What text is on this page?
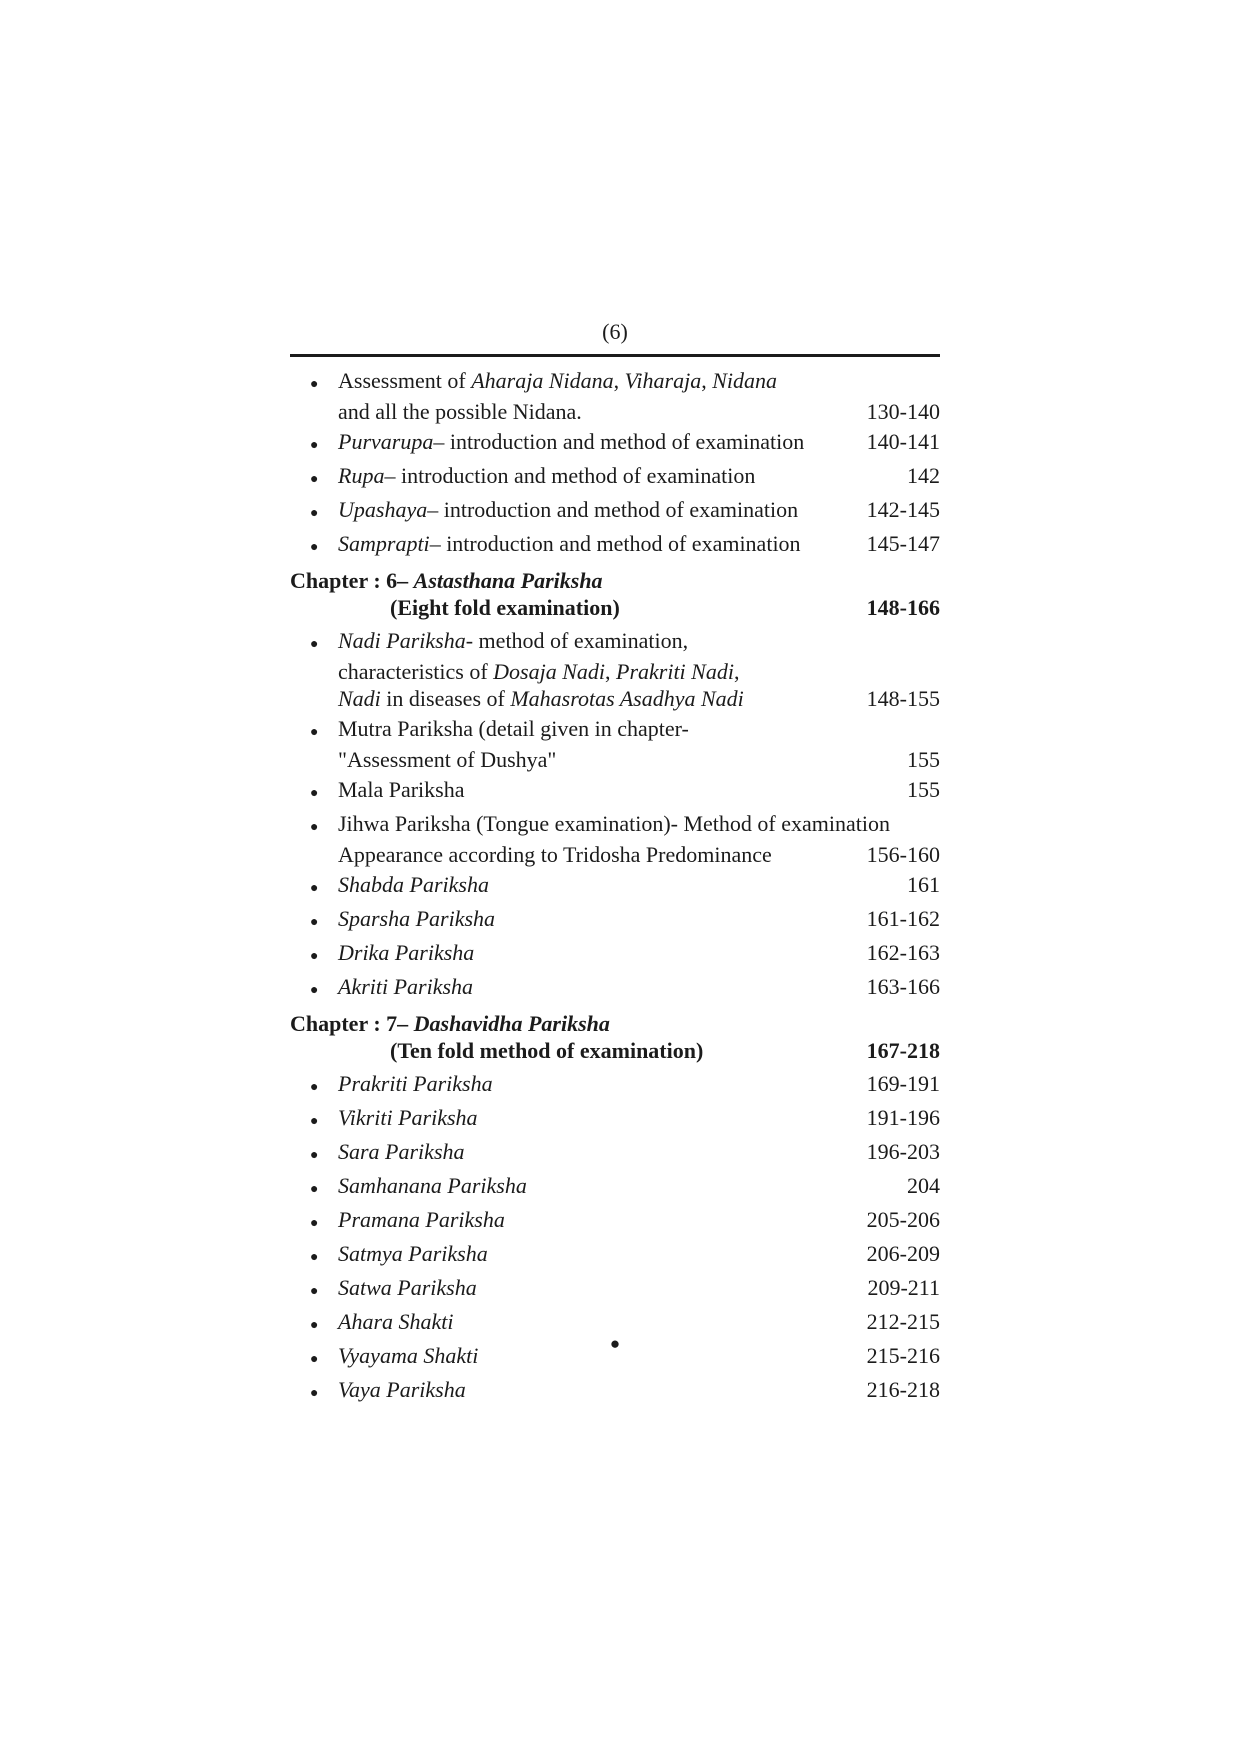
(6)
● Assessment of Aharaja Nidana, Viharaja, Nidana
and all the possible Nidana.	130-140
● Purvarupa– introduction and method of examination	140-141
● Rupa– introduction and method of examination	142
● Upashaya– introduction and method of examination	142-145
● Samprapti– introduction and method of examination	145-147
Chapter : 6– Astasthana Pariksha
(Eight fold examination)	148-166
● Nadi Pariksha- method of examination,
characteristics of Dosaja Nadi, Prakriti Nadi,
Nadi in diseases of Mahasrotas Asadhya Nadi	148-155
● Mutra Pariksha (detail given in chapter-
"Assessment of Dushya"	155
● Mala Pariksha	155
● Jihwa Pariksha (Tongue examination)- Method of examination
Appearance according to Tridosha Predominance	156-160
● Shabda Pariksha	161
● Sparsha Pariksha	161-162
● Drika Pariksha	162-163
● Akriti Pariksha	163-166
Chapter : 7– Dashavidha Pariksha
(Ten fold method of examination)	167-218
● Prakriti Pariksha	169-191
● Vikriti Pariksha	191-196
● Sara Pariksha	196-203
● Samhanana Pariksha	204
● Pramana Pariksha	205-206
● Satmya Pariksha	206-209
● Satwa Pariksha	209-211
● Ahara Shakti	212-215
● Vyayama Shakti	215-216
● Vaya Pariksha	216-218
●
